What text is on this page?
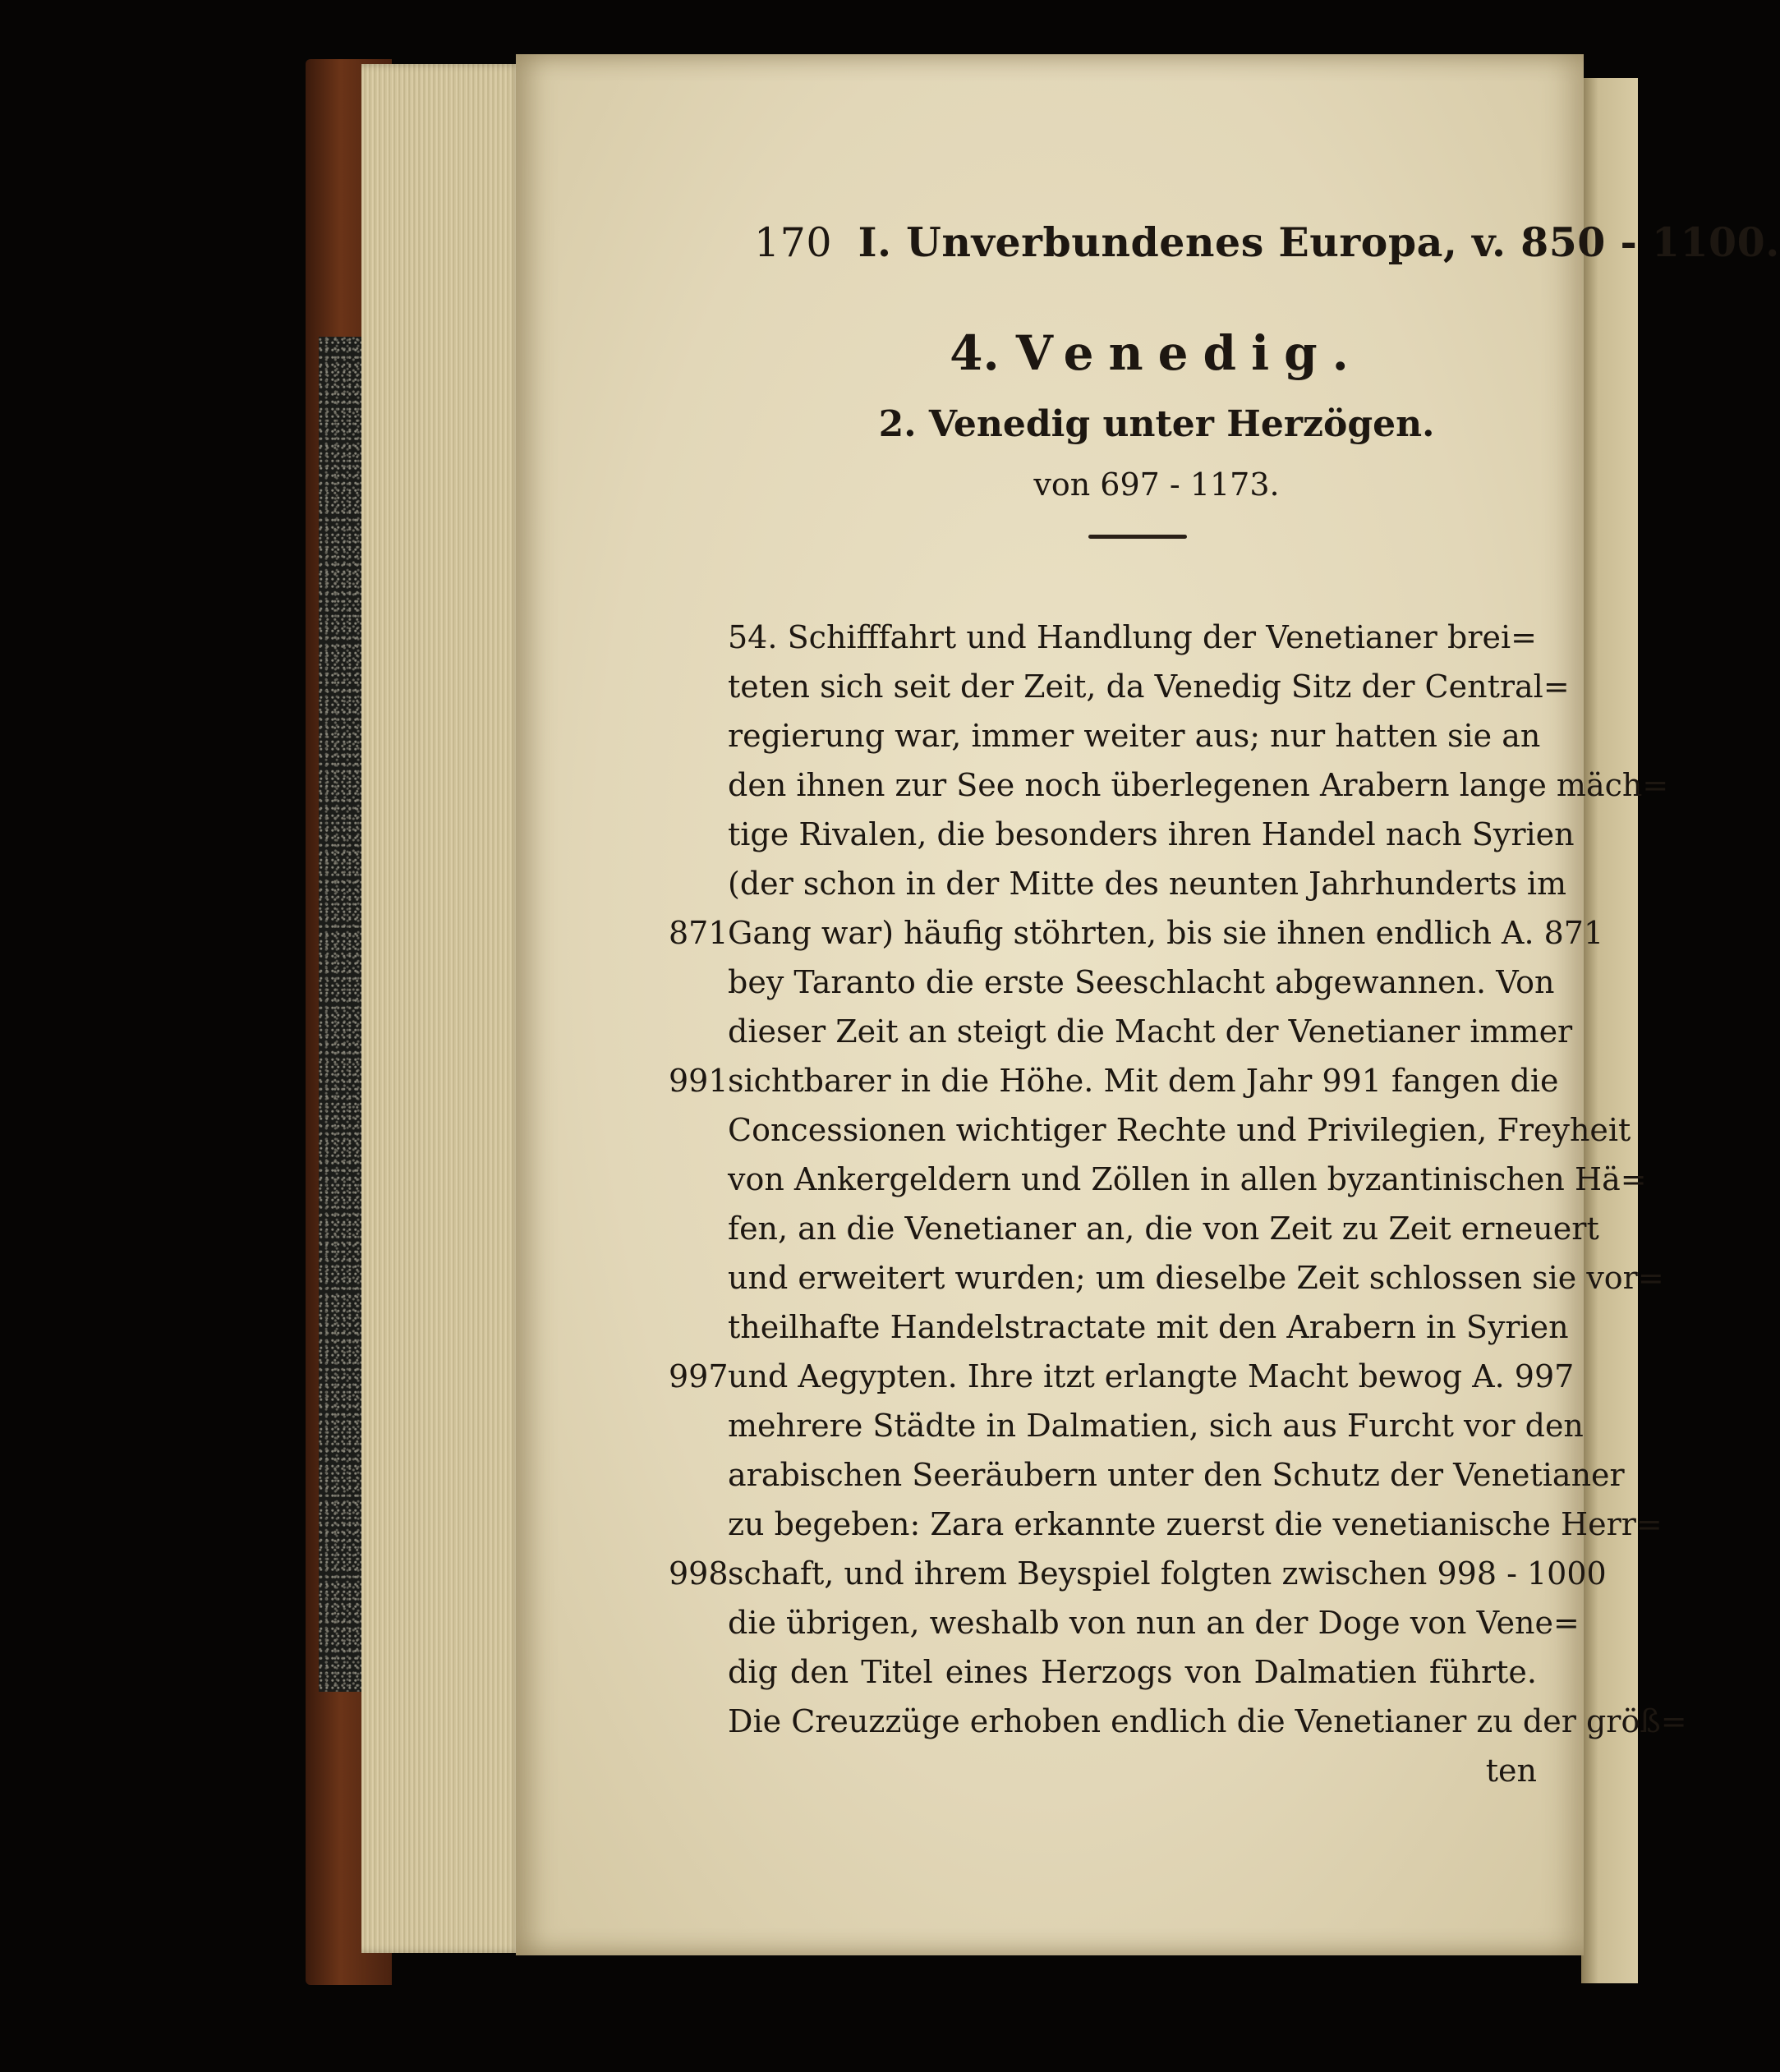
170 I. Unverbundenes Europa, v. 850 - 1100.
4. Venedig.
2. Venedig unter Herzögen.
von 697 - 1173.
54. Schifffahrt und Handlung der Venetianer brei=
teten sich seit der Zeit, da Venedig Sitz der Central=
regierung war, immer weiter aus; nur hatten sie an
den ihnen zur See noch überlegenen Arabern lange mäch=
tige Rivalen, die besonders ihren Handel nach Syrien
(der schon in der Mitte des neunten Jahrhunderts im
871 Gang war) häufig stöhrten, bis sie ihnen endlich A. 871
bey Taranto die erste Seeschlacht abgewannen. Von
dieser Zeit an steigt die Macht der Venetianer immer
991 sichtbarer in die Höhe. Mit dem Jahr 991 fangen die
Concessionen wichtiger Rechte und Privilegien, Freyheit
von Ankergeldern und Zöllen in allen byzantinischen Hä=
fen, an die Venetianer an, die von Zeit zu Zeit erneuert
und erweitert wurden; um dieselbe Zeit schlossen sie vor=
theilhafte Handelstractate mit den Arabern in Syrien
997 und Aegypten. Ihre itzt erlangte Macht bewog A. 997
mehrere Städte in Dalmatien, sich aus Furcht vor den
arabischen Seeräubern unter den Schutz der Venetianer
zu begeben: Zara erkannte zuerst die venetianische Herr=
998 schaft, und ihrem Beyspiel folgten zwischen 998 - 1000
die übrigen, weshalb von nun an der Doge von Vene=
dig den Titel eines Herzogs von Dalmatien führte.
Die Creuzzüge erhoben endlich die Venetianer zu der größ=
ten
